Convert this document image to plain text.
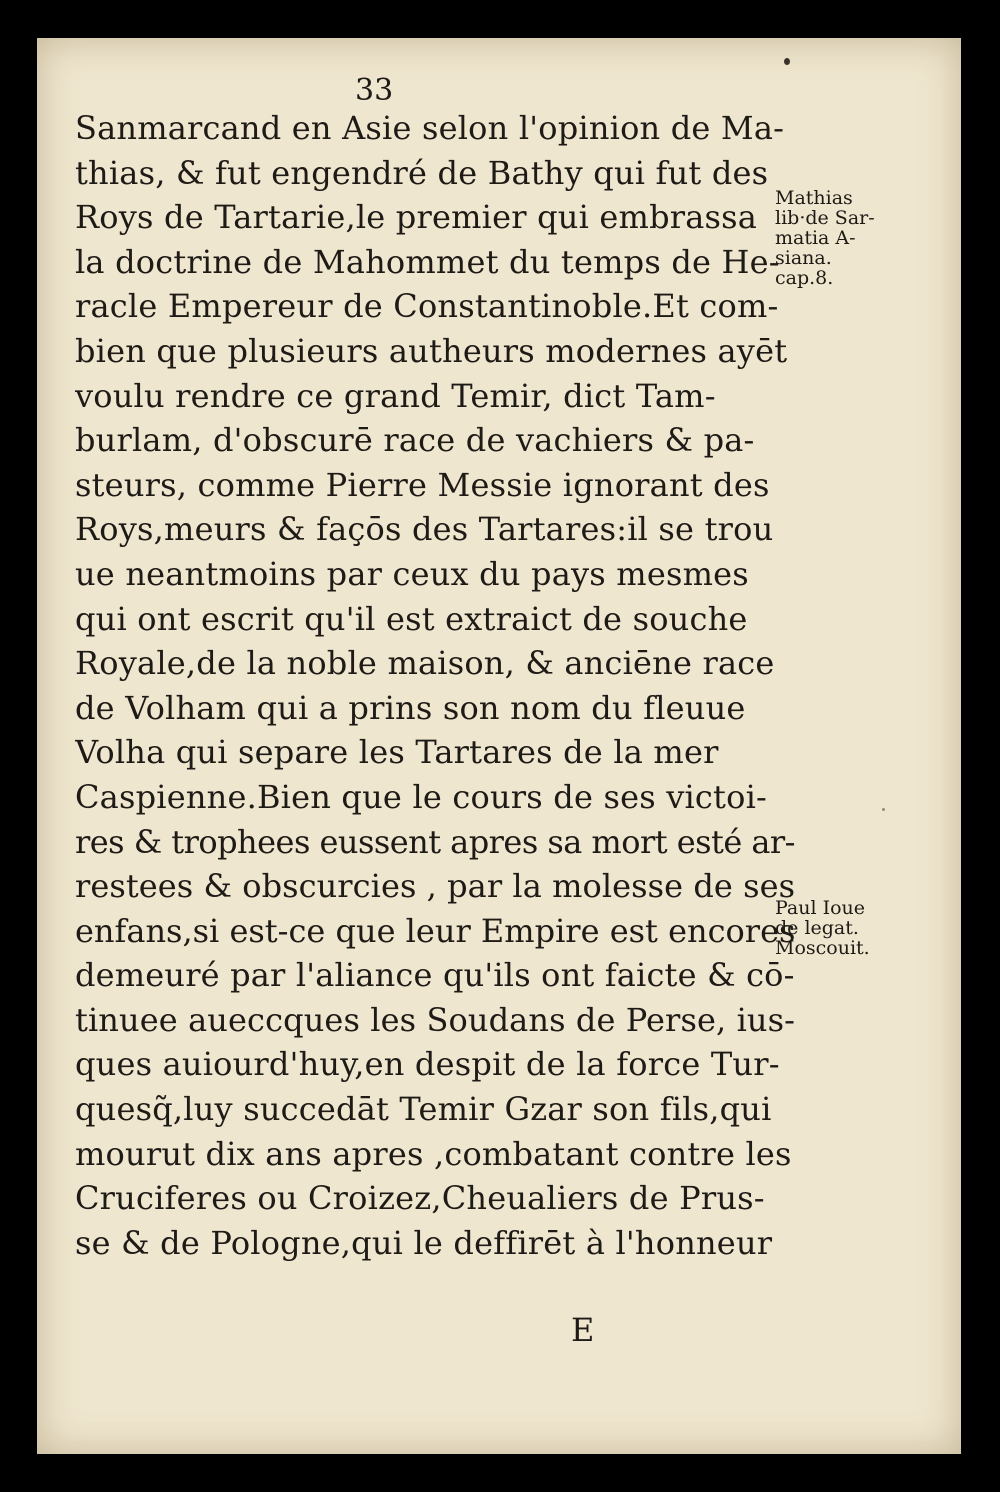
33
Sanmarcand en Asie selon l'opinion de Ma-
thias, & fut engendré de Bathy qui fut des
Roys de Tartarie,le premier qui embrassa
la doctrine de Mahommet du temps de He-
racle Empereur de Constantinoble.Et com-
bien que plusieurs autheurs modernes ayēt
voulu rendre ce grand Temir, dict Tam-
burlam, d'obscurē race de vachiers & pa-
steurs, comme Pierre Messie ignorant des
Roys,meurs & façōs des Tartares:il se trou
ue neantmoins par ceux du pays mesmes
qui ont escrit qu'il est extraict de souche
Royale,de la noble maison, & anciēne race
de Volham qui a prins son nom du fleuue
Volha qui separe les Tartares de la mer
Caspienne.Bien que le cours de ses victoi-
res & trophees eussent apres sa mort esté ar-
restees & obscurcies , par la molesse de ses
enfans,si est-ce que leur Empire est encores
demeuré par l'aliance qu'ils ont faicte & cō-
tinuee aueccques les Soudans de Perse, ius-
ques auiourd'huy,en despit de la force Tur-
quesq̃,luy succedāt Temir Gzar son fils,qui
mourut dix ans apres ,combatant contre les
Cruciferes ou Croizez,Cheualiers de Prus-
se & de Pologne,qui le deffirēt à l'honneur
Mathias
lib·de Sar-
matia A-
siana.
cap.8.
Paul Ioue
de legat.
Moscouit.
E
